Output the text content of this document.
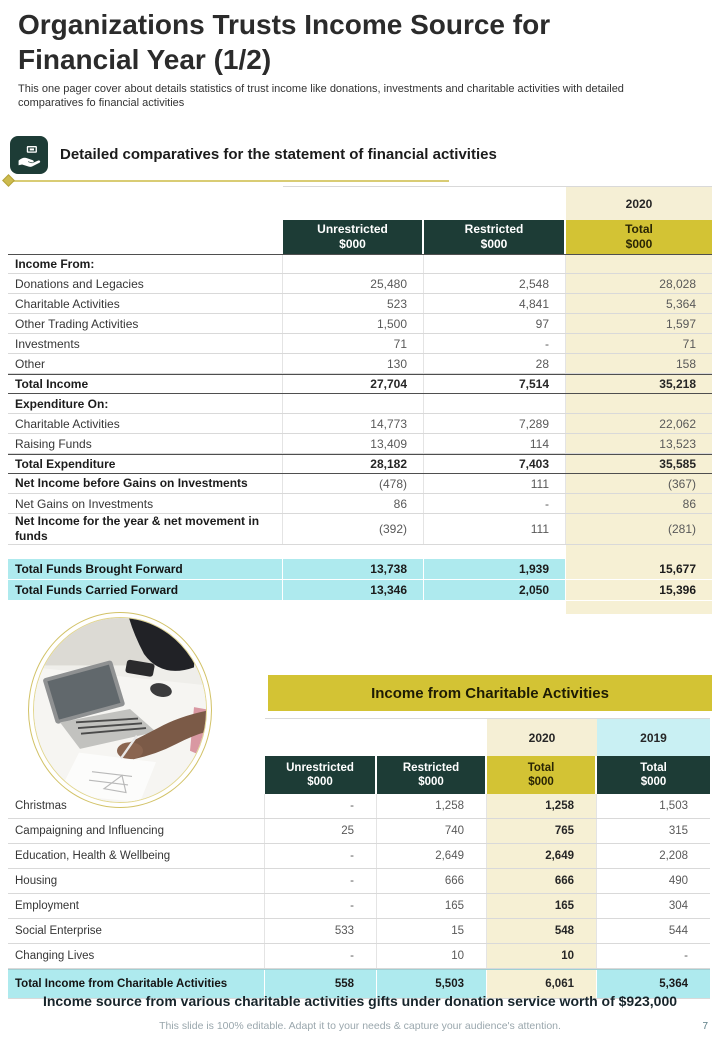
Organizations Trusts Income Source for Financial Year (1/2)

This one pager cover about details statistics of trust income like donations, investments and charitable activities with detailed comparatives fo financial activities

Detailed comparatives for the statement of financial activities
2020
Unrestricted
$000
Restricted
$000
Total
$000
Income From:
Donations and Legacies	25,480	2,548	28,028
Charitable Activities	523	4,841	5,364
Other Trading Activities	1,500	97	1,597
Investments	71	-	71
Other	130	28	158
Total Income	27,704	7,514	35,218
Expenditure On:
Charitable Activities	14,773	7,289	22,062
Raising Funds	13,409	114	13,523
Total Expenditure	28,182	7,403	35,585
Net Income before Gains on Investments	(478)	111	(367)
Net Gains on Investments	86	-	86
Net Income for the year & net movement in funds	(392)	111	(281)
Total Funds Brought Forward	13,738	1,939	15,677
Total Funds Carried Forward	13,346	2,050	15,396
Income from Charitable Activities
2020	2019
Unrestricted
$000
Restricted
$000
Total
$000
Total
$000
Christmas	-	1,258	1,258	1,503
Campaigning and Influencing	25	740	765	315
Education, Health & Wellbeing	-	2,649	2,649	2,208
Housing	-	666	666	490
Employment	-	165	165	304
Social Enterprise	533	15	548	544
Changing Lives	-	10	10	-
Total Income from Charitable Activities	558	5,503	6,061	5,364
Income source from various charitable activities gifts under donation service worth of $923,000
This slide is 100% editable. Adapt it to your needs & capture your audience's attention.	7
